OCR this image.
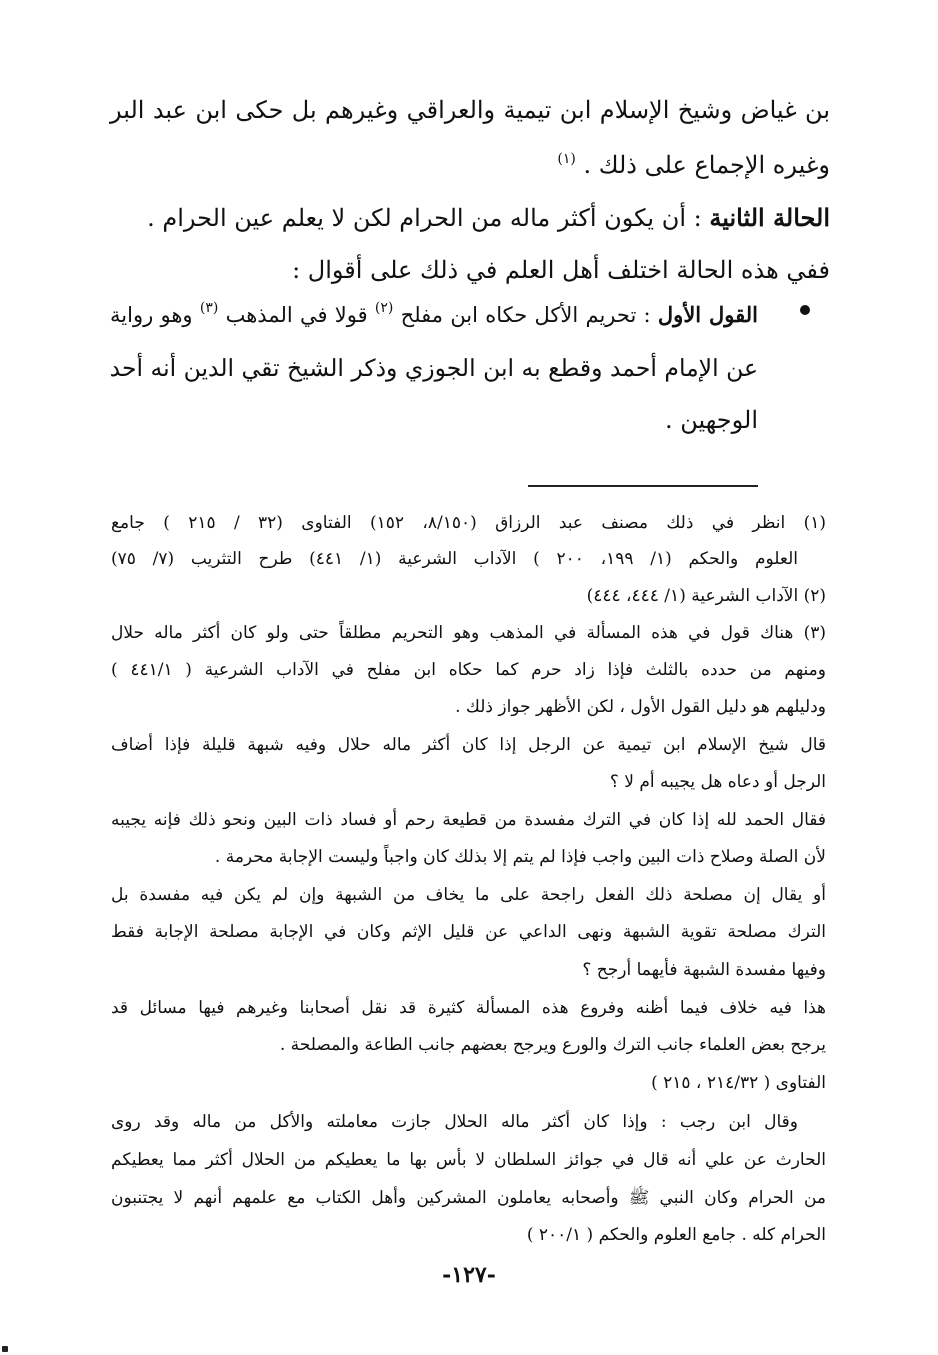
بن غياض وشيخ الإسلام ابن تيمية والعراقي وغيرهم بل حكى ابن عبد البر
وغيره الإجماع على ذلك . $^{(١)}$
الحالة الثانية : أن يكون أكثر ماله من الحرام لكن لا يعلم عين الحرام .
ففي هذه الحالة اختلف أهل العلم في ذلك على أقوال :
القول الأول : تحريم الأكل حكاه ابن مفلح $^{(٢)}$ قولا في المذهب $^{(٣)}$ وهو رواية
عن الإمام أحمد وقطع به ابن الجوزي وذكر الشيخ تقي الدين أنه أحد
الوجهين .
(١) انظر في ذلك مصنف عبد الرزاق (٨/١٥٠، ١٥٢) الفتاوى (٣٢ / ٢١٥ ) جامع
العلوم والحكم (١/ ١٩٩، ٢٠٠ ) الآداب الشرعية (١/ ٤٤١) طرح التثريب (٧/ ٧٥)
(٢) الآداب الشرعية (١/ ٤٤٤، ٤٤٤)
(٣) هناك قول في هذه المسألة في المذهب وهو التحريم مطلقاً حتى ولو كان أكثر ماله حلال
ومنهم من حدده بالثلث فإذا زاد حرم كما حكاه ابن مفلح في الآداب الشرعية ( ٤٤١/١ )
ودليلهم هو دليل القول الأول ، لكن الأظهر جواز ذلك .
قال شيخ الإسلام ابن تيمية عن الرجل إذا كان أكثر ماله حلال وفيه شبهة قليلة فإذا أضاف
الرجل أو دعاه هل يجيبه أم لا ؟
فقال الحمد لله إذا كان في الترك مفسدة من قطيعة رحم أو فساد ذات البين ونحو ذلك فإنه يجيبه
لأن الصلة وصلاح ذات البين واجب فإذا لم يتم إلا بذلك كان واجباً وليست الإجابة محرمة .
أو يقال إن مصلحة ذلك الفعل راجحة على ما يخاف من الشبهة وإن لم يكن فيه مفسدة بل
الترك مصلحة تقوية الشبهة ونهى الداعي عن قليل الإثم وكان في الإجابة مصلحة الإجابة فقط
وفيها مفسدة الشبهة فأيهما أرجح ؟
هذا فيه خلاف فيما أظنه وفروع هذه المسألة كثيرة قد نقل أصحابنا وغيرهم فيها مسائل قد
يرجح بعض العلماء جانب الترك والورع ويرجح بعضهم جانب الطاعة والمصلحة .
الفتاوى ( ٢١٤/٣٢ ، ٢١٥ )
وقال ابن رجب : وإذا كان أكثر ماله الحلال جازت معاملته والأكل من ماله وقد روى
الحارث عن علي أنه قال في جوائز السلطان لا بأس بها ما يعطيكم من الحلال أكثر مما يعطيكم
من الحرام وكان النبي ﷺ وأصحابه يعاملون المشركين وأهل الكتاب مع علمهم أنهم لا يجتنبون
الحرام كله . جامع العلوم والحكم ( ٢٠٠/١ )
-١٢٧-
